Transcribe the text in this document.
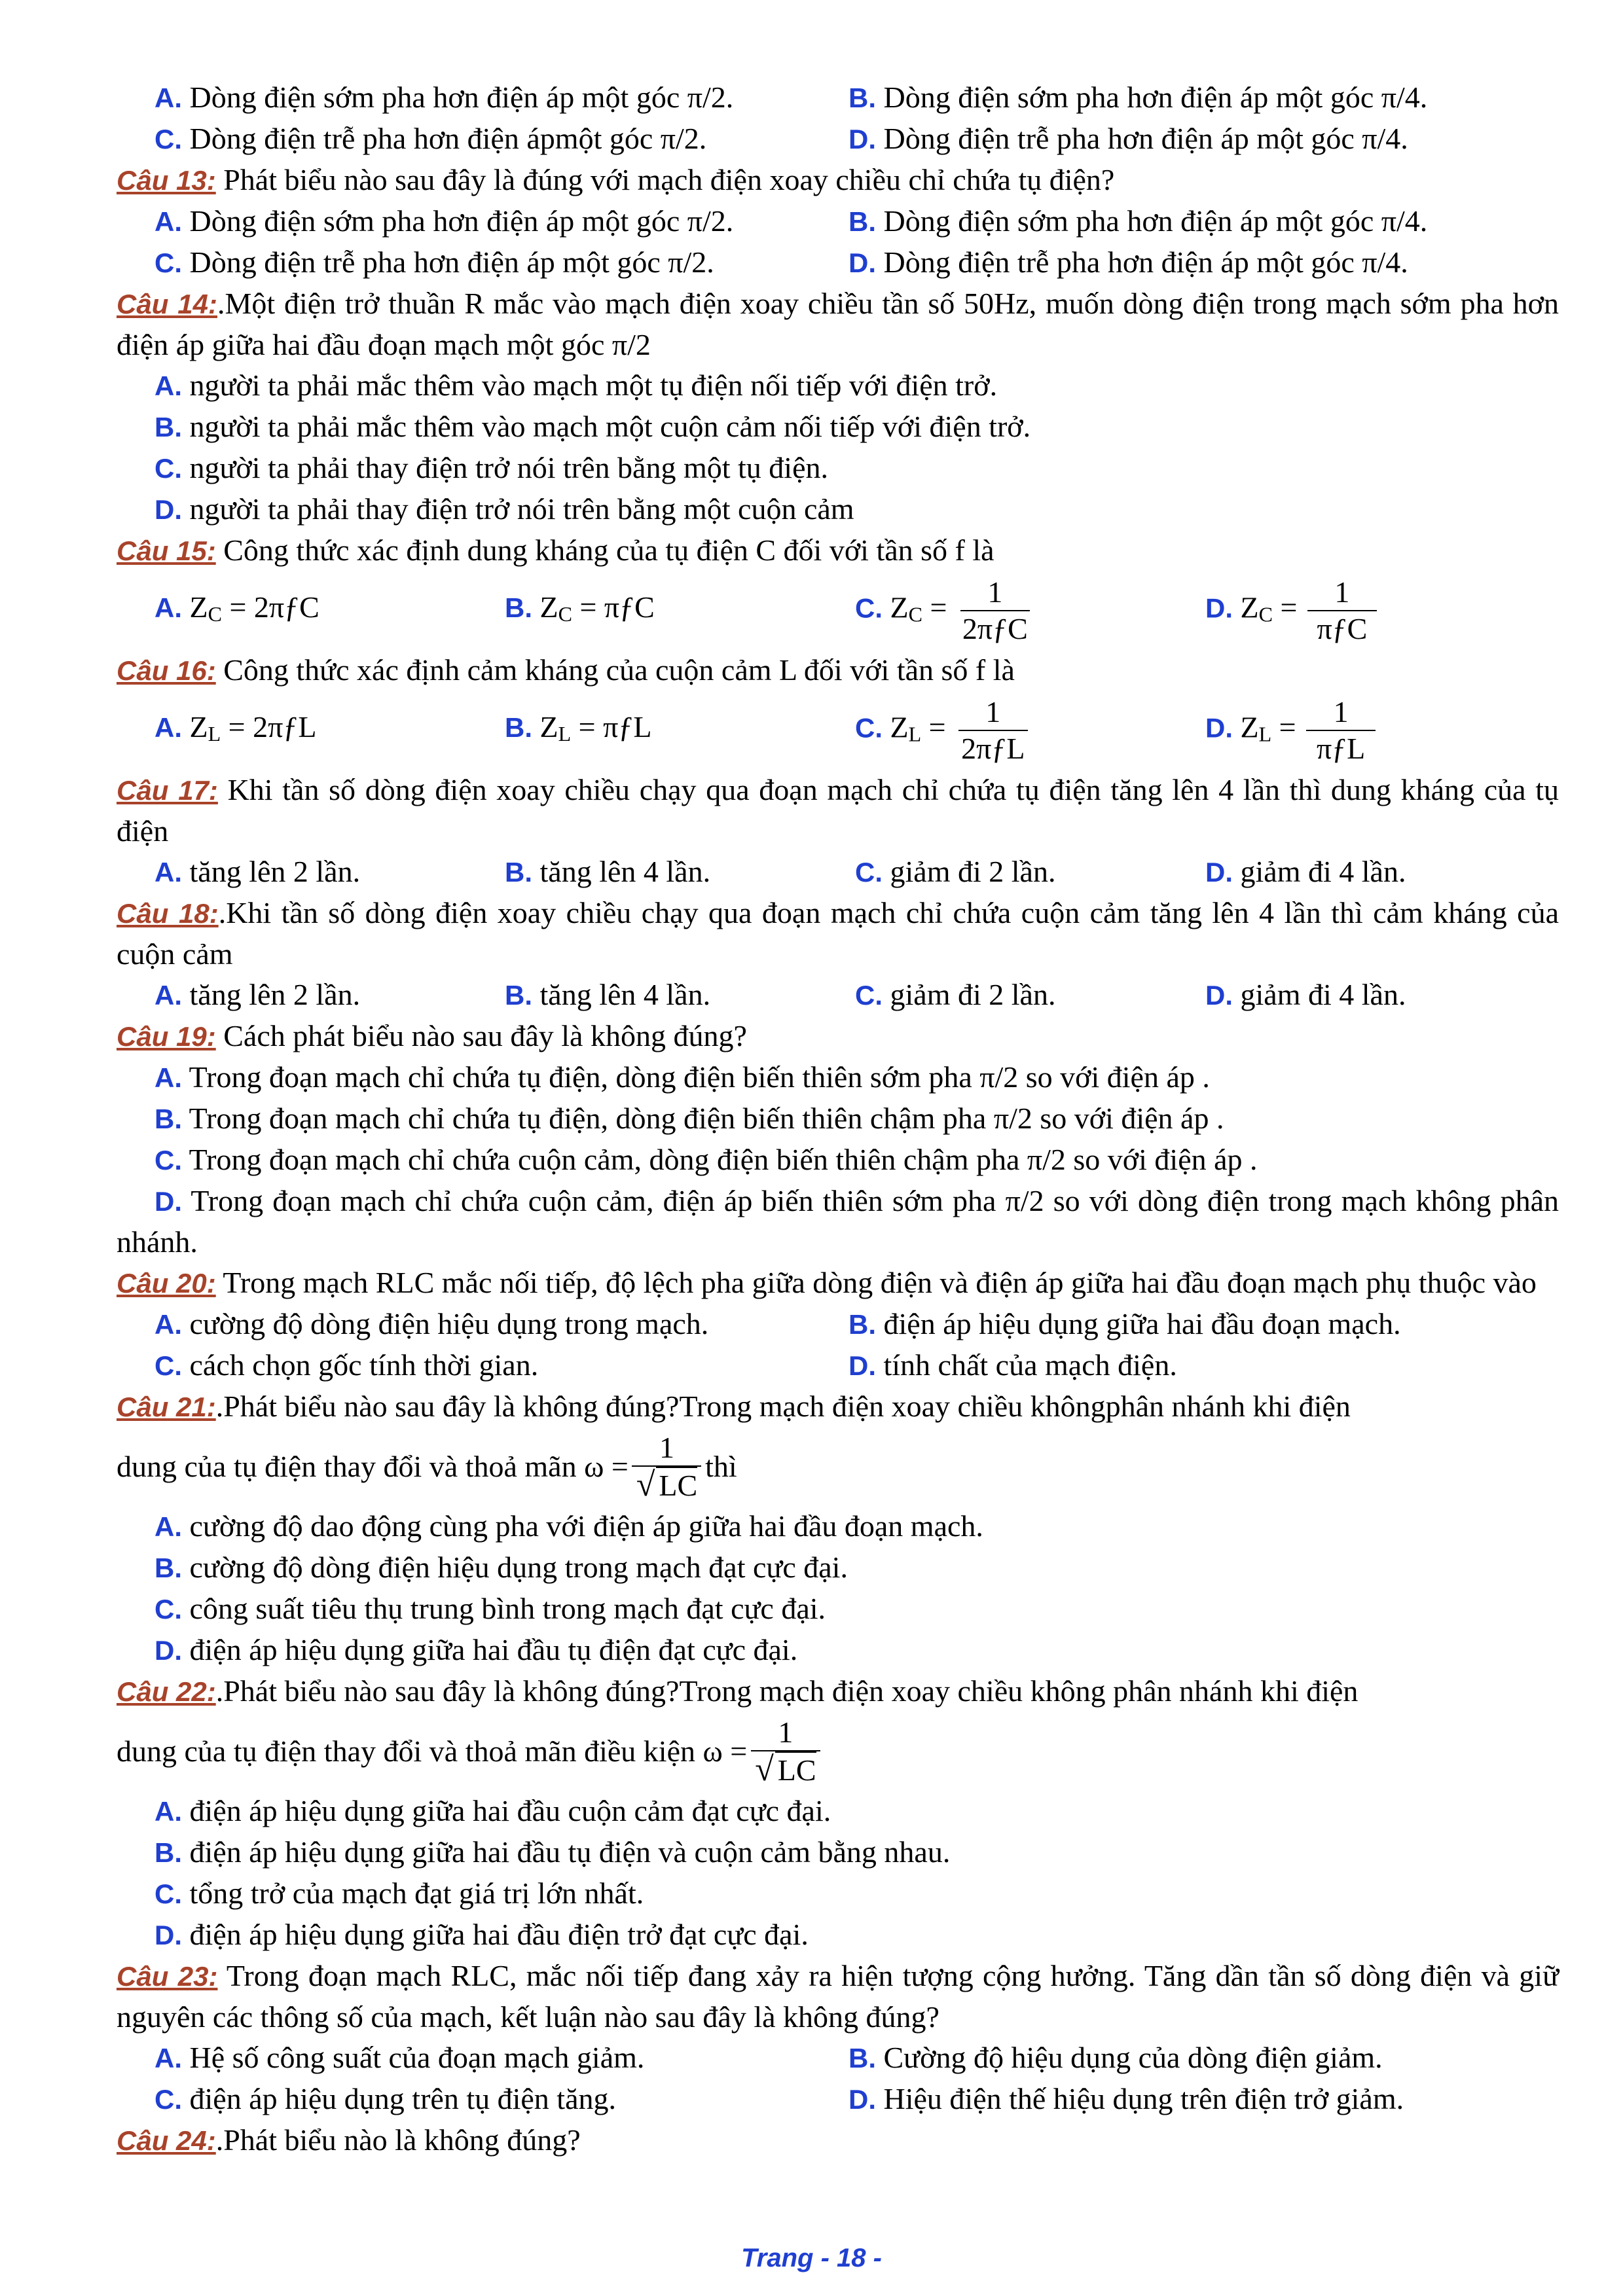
A. Dòng điện sớm pha hơn điện áp một góc π/2.	B. Dòng điện sớm pha hơn điện áp một góc π/4.
C. Dòng điện trễ pha hơn điện ápmột góc π/2.	D. Dòng điện trễ pha hơn điện áp một góc π/4.
Câu 13: Phát biểu nào sau đây là đúng với mạch điện xoay chiều chỉ chứa tụ điện?
A. Dòng điện sớm pha hơn điện áp một góc π/2.	B. Dòng điện sớm pha hơn điện áp một góc π/4.
C. Dòng điện trễ pha hơn điện áp một góc π/2.	D. Dòng điện trễ pha hơn điện áp một góc π/4.
Câu 14:.Một điện trở thuần R mắc vào mạch điện xoay chiều tần số 50Hz, muốn dòng điện trong mạch sớm pha hơn điện áp giữa hai đầu đoạn mạch một góc π/2
A. người ta phải mắc thêm vào mạch một tụ điện nối tiếp với điện trở.
B. người ta phải mắc thêm vào mạch một cuộn cảm nối tiếp với điện trở.
C. người ta phải thay điện trở nói trên bằng một tụ điện.
D. người ta phải thay điện trở nói trên bằng một cuộn cảm
Câu 15: Công thức xác định dung kháng của tụ điện C đối với tần số f là
A. ZC = 2πƒC	B. ZC = πƒC	C. ZC = $\frac{1}{\text{2πƒC}}$	D. ZC = $\frac{1}{\text{πƒC}}$
Câu 16: Công thức xác định cảm kháng của cuộn cảm L đối với tần số f là
A. ZL = 2πƒL	B. ZL = πƒL	C. ZL = $\frac{1}{\text{2πƒL}}$	D. ZL = $\frac{1}{\text{πƒL}}$
Câu 17: Khi tần số dòng điện xoay chiều chạy qua đoạn mạch chỉ chứa tụ điện tăng lên 4 lần thì dung kháng của tụ điện
A. tăng lên 2 lần.	B. tăng lên 4 lần.	C. giảm đi 2 lần.	D. giảm đi 4 lần.
Câu 18:.Khi tần số dòng điện xoay chiều chạy qua đoạn mạch chỉ chứa cuộn cảm tăng lên 4 lần thì cảm kháng của cuộn cảm
A. tăng lên 2 lần.	B. tăng lên 4 lần.	C. giảm đi 2 lần.	D. giảm đi 4 lần.
Câu 19: Cách phát biểu nào sau đây là không đúng?
A. Trong đoạn mạch chỉ chứa tụ điện, dòng điện biến thiên sớm pha π/2 so với điện áp .
B. Trong đoạn mạch chỉ chứa tụ điện, dòng điện biến thiên chậm pha π/2 so với điện áp .
C. Trong đoạn mạch chỉ chứa cuộn cảm, dòng điện biến thiên chậm pha π/2 so với điện áp .
D. Trong đoạn mạch chỉ chứa cuộn cảm, điện áp biến thiên sớm pha π/2 so với dòng điện trong mạch không phân nhánh.
Câu 20: Trong mạch RLC mắc nối tiếp, độ lệch pha giữa dòng điện và điện áp giữa hai đầu đoạn mạch phụ thuộc vào
A. cường độ dòng điện hiệu dụng trong mạch.	B. điện áp hiệu dụng giữa hai đầu đoạn mạch.
C. cách chọn gốc tính thời gian.	D. tính chất của mạch điện.
Câu 21:.Phát biểu nào sau đây là không đúng?Trong mạch điện xoay chiều khôngphân nhánh khi điện
dung của tụ điện thay đổi và thoả mãn $\omega = \frac{1}{√ LC}$ thì
A. cường độ dao động cùng pha với điện áp giữa hai đầu đoạn mạch.
B. cường độ dòng điện hiệu dụng trong mạch đạt cực đại.
C. công suất tiêu thụ trung bình trong mạch đạt cực đại.
D. điện áp hiệu dụng giữa hai đầu tụ điện đạt cực đại.
Câu 22:.Phát biểu nào sau đây là không đúng?Trong mạch điện xoay chiều không phân nhánh khi điện
dung của tụ điện thay đổi và thoả mãn điều kiện $\omega = \frac{1}{√ LC}$
A. điện áp hiệu dụng giữa hai đầu cuộn cảm đạt cực đại.
B. điện áp hiệu dụng giữa hai đầu tụ điện và cuộn cảm bằng nhau.
C. tổng trở của mạch đạt giá trị lớn nhất.
D. điện áp hiệu dụng giữa hai đầu điện trở đạt cực đại.
Câu 23: Trong đoạn mạch RLC, mắc nối tiếp đang xảy ra hiện tượng cộng hưởng. Tăng dần tần số dòng điện và giữ nguyên các thông số của mạch, kết luận nào sau đây là không đúng?
A. Hệ số công suất của đoạn mạch giảm.	B. Cường độ hiệu dụng của dòng điện giảm.
C. điện áp hiệu dụng trên tụ điện tăng.	D. Hiệu điện thế hiệu dụng trên điện trở giảm.
Câu 24:.Phát biểu nào là không đúng?
Trang - 18 -
